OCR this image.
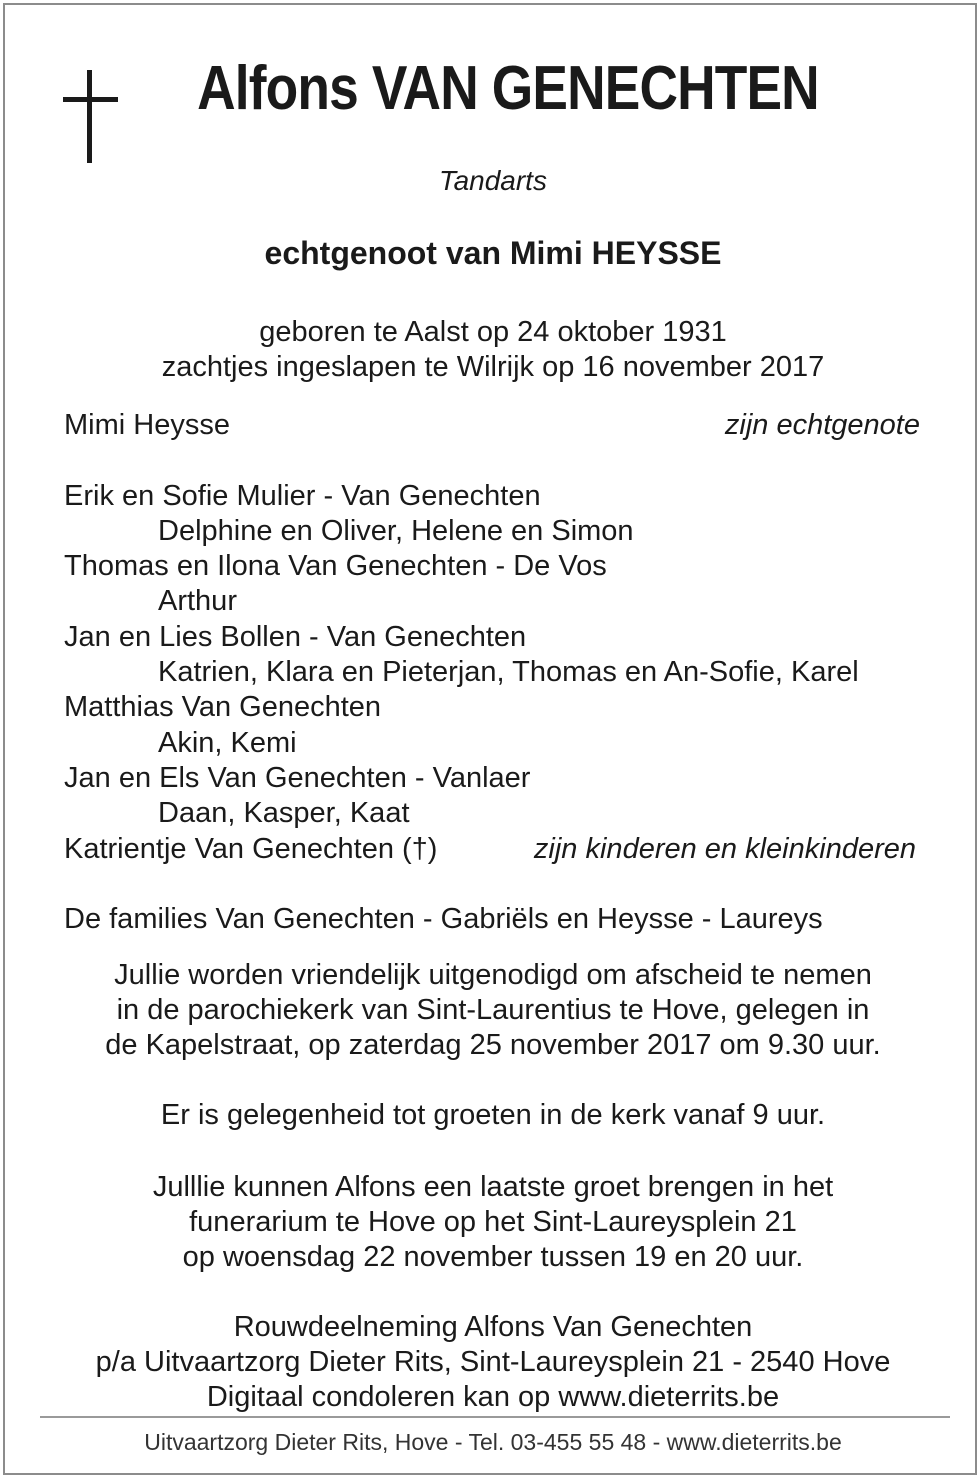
Alfons VAN GENECHTEN
Tandarts
echtgenoot van Mimi HEYSSE
geboren te Aalst op 24 oktober 1931
zachtjes ingeslapen te Wilrijk op 16 november 2017
Mimi Heysse	zijn echtgenote
Erik en Sofie Mulier - Van Genechten
Delphine en Oliver, Helene en Simon
Thomas en Ilona Van Genechten - De Vos
Arthur
Jan en Lies Bollen - Van Genechten
Katrien, Klara en Pieterjan, Thomas en An-Sofie, Karel
Matthias Van Genechten
Akin, Kemi
Jan en Els Van Genechten - Vanlaer
Daan, Kasper, Kaat
Katrientje Van Genechten (†)	zijn kinderen en kleinkinderen
De families Van Genechten - Gabriëls en Heysse - Laureys
Jullie worden vriendelijk uitgenodigd om afscheid te nemen
in de parochiekerk van Sint-Laurentius te Hove, gelegen in
de Kapelstraat, op zaterdag 25 november 2017 om 9.30 uur.
Er is gelegenheid tot groeten in de kerk vanaf 9 uur.
Julllie kunnen Alfons een laatste groet brengen in het
funerarium te Hove op het Sint-Laureysplein 21
op woensdag 22 november tussen 19 en 20 uur.
Rouwdeelneming Alfons Van Genechten
p/a Uitvaartzorg Dieter Rits, Sint-Laureysplein 21 - 2540 Hove
Digitaal condoleren kan op www.dieterrits.be
Uitvaartzorg Dieter Rits, Hove - Tel. 03-455 55 48 - www.dieterrits.be
